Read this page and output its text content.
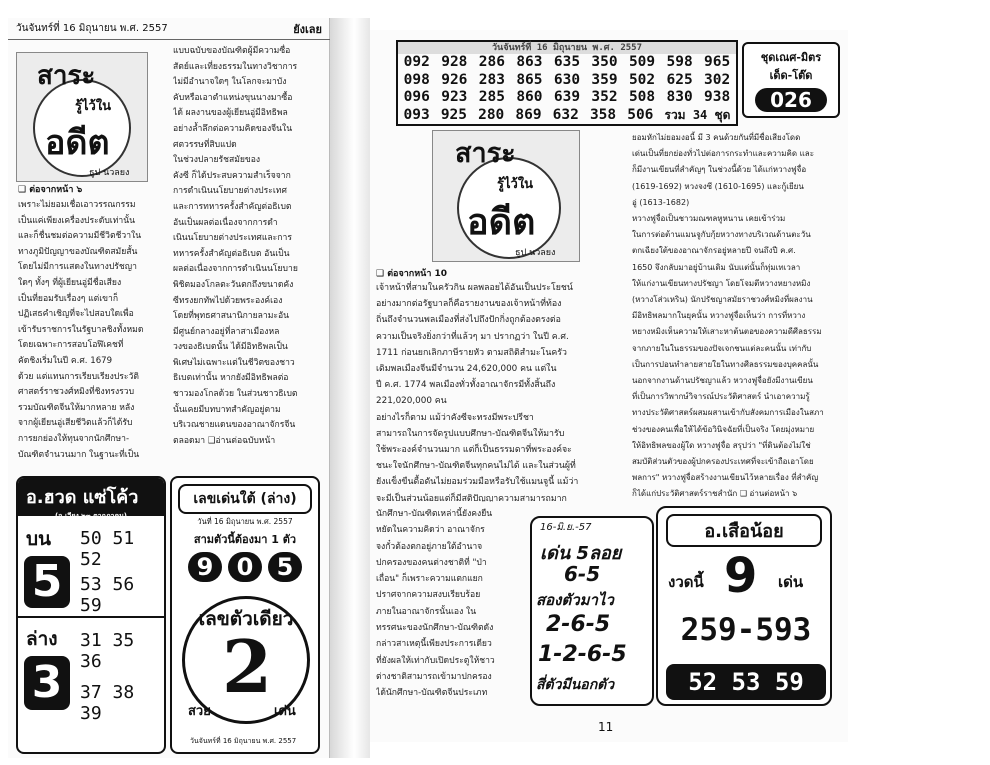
วันจันทร์ที่ 16 มิถุนายน พ.ศ. 2557	ยังเลย
สาระ
รู้ไว้ใน
อดีต
ธูป นวลยง
❑ ต่อจากหน้า ๖

เพราะไม่ยอมเชื่อเอาวรรณกรรม

เป็นแค่เพียงเครื่องประดับเท่านั้น

และก็ชื่นชมต่อความมีชีวิตชีวาใน

ทางภูมิปัญญาของบัณฑิตสมัยสั้น

โดยไม่มีการแสดงในทางปรัชญา

ใดๆ ทั้งๆ ที่ผู้เยียนอู่มีชื่อเสียง

เป็นที่ยอมรับเรื่องๆ แต่เขาก็

ปฏิเสธคำเชิญที่จะไปสอบใดเพื่อ

เข้ารับราชการในรัฐบาลชิงทั้งหมด

โดยเฉพาะการสอบโอฬิเคชที่

คัดชิงเริ่มในปี ค.ศ. 1679

ด้วย แต่แทนการเรียบเรียงประวัติ

ศาสตร์ราชวงศ์หมิงที่ชิงทรงรวบ

รวมบัณฑิตจีนให้มากหลาย หลัง

จากผู้เยียนอู่เสียชีวิตแล้วก็ได้รับ

การยกย่องให้ทุนจากนักศึกษา-

บัณฑิตจำนวนมาก ในฐานะที่เป็น

แบบฉบับของบัณฑิตผู้มีความซื่อ

สัตย์และเที่ยงธรรมในทางวิชาการ

ไม่มีอำนาจใดๆ ในโลกจะมาบัง

คับหรือเอาตำแหน่งขุนนางมาซื้อ

ได้ ผลงานของผู้เยียนอู่มีอิทธิพล

อย่างล้ำลึกต่อความคิดของจีนใน

ศตวรรษที่สิบแปด

ในช่วงปลายรัชสมัยของ

คังซี ก็ได้ประสบความสำเร็จจาก

การดำเนินนโยบายต่างประเทศ

และการทหารครั้งสำคัญต่อธิเบต

อันเป็นผลต่อเนื่องจากการดำ

เนินนโยบายต่างประเทศและการ

ทหารครั้งสำคัญต่อธิเบต อันเป็น

ผลต่อเนื่องจากการดำเนินนโยบาย

พิชิตมองโกลตะวันตกถึงขนาดคัง

ซีทรงยกทัพไปด้วยพระองค์เอง

โดยที่พุทธศาสนานิกายลามะอัน

มีศูนย์กลางอยู่ที่ลาสาเมืองหล

วงของธิเบตนั้น ได้มีอิทธิพลเป็น

พิเศษไม่เฉพาะแต่ในชีวิตของชาว

ธิเบตเท่านั้น หากยังมีอิทธิพลต่อ

ชาวมองโกลด้วย ในส่วนชาวธิเบต

นั้นเคยมีบทบาทสำคัญอยู่ตาม

บริเวณชายแดนของอาณาจักรจีน

ตลอดมา ❑อ่านต่อฉบับหน้า

อ.ฮวด แซ่โค้ว
(จ.เวียง ๒๓ ตากฎาคม)
บน
5
50 51 52
53 56 59
ล่าง
3
31 35 36
37 38 39
เลขเด่นใต้ (ล่าง)
วันที่ 16 มิถุนายน พ.ศ. 2557
สามตัวนี้ต้องมา 1 ตัว
9 0 5
เลขตัวเดียว
2
สวย	เด่น
วันจันทร์ที่ 16 มิถุนายน พ.ศ. 2557
วันจันทร์ที่ 16 มิถุนายน พ.ศ. 2557
092 928 286 863 635 350 509 598 965
098 926 283 865 630 359 502 625 302
096 923 285 860 639 352 508 830 938
093 925 280 869 632 358 506 รวม 34 ชุด
ชุดเณศ-มิตร
เด็ด-โต๊ด
026
สาระ
รู้ไว้ใน
อดีต
ธูป นวลยง
❑ ต่อจากหน้า 10

เจ้าหน้าที่สามในครัวกิน ผลพลอยได้อันเป็นประโยชน์

อย่างมากต่อรัฐบาลก็คือรายงานของเจ้าหน้าที่ท้อง

ถิ่นถึงจำนวนพลเมืองที่ส่งไปถึงปักกิ่งถูกต้องตรงต่อ

ความเป็นจริงยิ่งกว่าที่แล้วๆ มา ปรากฏว่า ในปี ค.ศ.

1711 ก่อนยกเลิกภาษีรายหัว ตามสถิติสำมะโนครัว

เดิมพลเมืองจีนมีจำนวน 24,620,000 คน แต่ใน

ปี ค.ศ. 1774 พลเมืองทั่วทั้งอาณาจักรมีทั้งสิ้นถึง

221,020,000 คน

อย่างไรก็ตาม แม้ว่าคังซีจะทรงมีพระปรีชา

สามารถในการจัดรูปแบบศึกษา-บัณฑิตจีนให้มารับ

ใช้พระองค์จำนวนมาก แต่ก็เป็นธรรมดาที่พระองค์จะ

ชนะใจนักศึกษา-บัณฑิตจีนทุกคนไม่ได้ และในส่วนผู้ที่

ยังแข็งขืนดื้อดันไม่ยอมร่วมมือหรือรับใช้แมนจูนี้ แม้ว่า

จะมีเป็นส่วนน้อยแต่ก็มีสติปัญญาความสามารถมาก

ยอมหักไม่ยอมงอนี้ มี 3 คนด้วยกันที่มีชื่อเสียงโดด

เด่นเป็นที่ยกย่องทั่วไปต่อการกระทำและความคิด และ

ก็มีงานเขียนที่สำคัญๆ ในช่วงนี้ด้วย ได้แก่หวางฟูจื่อ

(1619-1692) หวงจงซี (1610-1695) และกู้เยียน

อู่ (1613-1682)

หวางฟูจื่อเป็นชาวมณฑลหูหนาน เคยเข้าร่วม

ในการต่อต้านแมนจูกับกุ้ยหวางทางบริเวณด้านตะวัน

ตกเฉียงใต้ของอาณาจักรอยู่หลายปี จนถึงปี ค.ศ.

1650 จึงกลับมาอยู่บ้านเดิม นับแต่นั้นก็ทุ่มเทเวลา

ให้แก่งานเขียนทางปรัชญา โดยโจมตีหวางหยางหมิง

(หวางโส่วเหริน) นักปรัชญาสมัยราชวงศ์หมิงที่ผลงาน

มีอิทธิพลมากในยุคนั้น หวางฟูจื่อเห็นว่า การที่หวาง

หยางหมิงเห็นความให้เสาะหาต้นตอของความดีศีลธรรม

จากภายในในธรรมของปัจเจกชนแต่ละคนนั้น เท่ากับ

เป็นการปอนทำลายสายใยในทางศีลธรรมของบุคคลนั้น

นอกจากงานด้านปรัชญาแล้ว หวางฟูจื่อยังมีงานเขียน

ที่เป็นการวิพากษ์วิจารณ์ประวัติศาสตร์ นำเอาความรู้

ทางประวัติศาสตร์ผสมผสานเข้ากับสังคมการเมืองในสภา

ช่วงของคนเพื่อให้ได้ข้อวินิจฉัยที่เป็นจริง โดยมุ่งหมาย

ให้อิทธิพลของผู้ใด หวางฟูจื่อ สรุปว่า "ที่ดินต้องไม่ใช่

สมบัติส่วนตัวของผู้ปกครองประเทศที่จะเข้าถือเอาโดย

พลการ" หวางฟูจื่อสร้างงานเขียนไว้หลายเรื่อง ที่สำคัญ

ก็ได้แก่ประวัติศาสตร์ราชสำนัก ❑ อ่านต่อหน้า ๖

นักศึกษา-บัณฑิตเหล่านี้ยังคงยืน

หยัดในความคิดว่า อาณาจักร

จงกั๋วต้องตกอยู่ภายใต้อำนาจ

ปกครองของคนต่างชาติที่ "ป่า

เถื่อน" ก็เพราะความแตกแยก

ปราศจากความสงบเรียบร้อย

ภายในอาณาจักรนั้นเอง ใน

ทรรศนะของนักศึกษา-บัณฑิตดัง

กล่าวสาเหตุนี้เพียงประการเดียว

ที่ยังผลให้เท่ากับเปิดประตูให้ชาว

ต่างชาติสามารถเข้ามาปกครอง

ได้นักศึกษา-บัณฑิตจีนประเภท

16-มิ.ย.-57
เด่น 5ลอย
6-5
สองตัวมาไว
2-6-5
1-2-6-5
สี่ตัวมีนอกตัว
อ.เสือน้อย
งวดนี้ 9 เด่น
259-593
52 53 59
11
